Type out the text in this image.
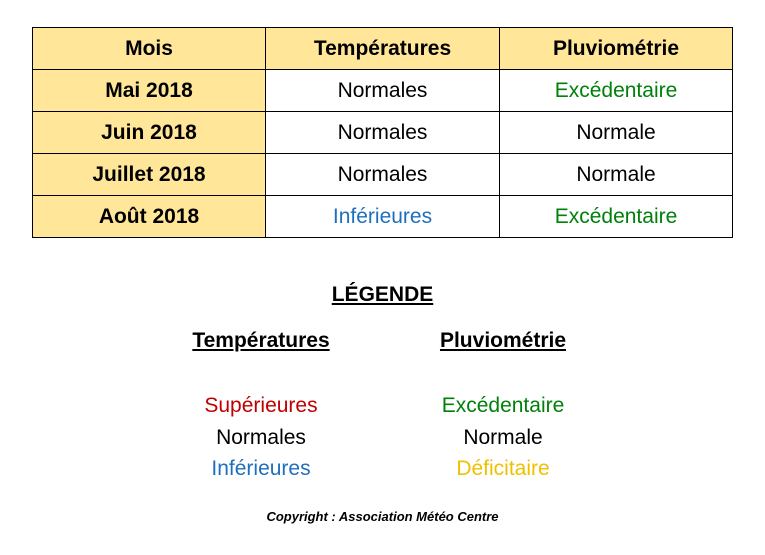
Mois	Températures	Pluviométrie
Mai 2018	Normales	Excédentaire
Juin 2018	Normales	Normale
Juillet 2018	Normales	Normale
Août 2018	Inférieures	Excédentaire
LÉGENDE
Températures
Supérieures
Normales
Inférieures
Pluviométrie
Excédentaire
Normale
Déficitaire
Copyright : Association Météo Centre
